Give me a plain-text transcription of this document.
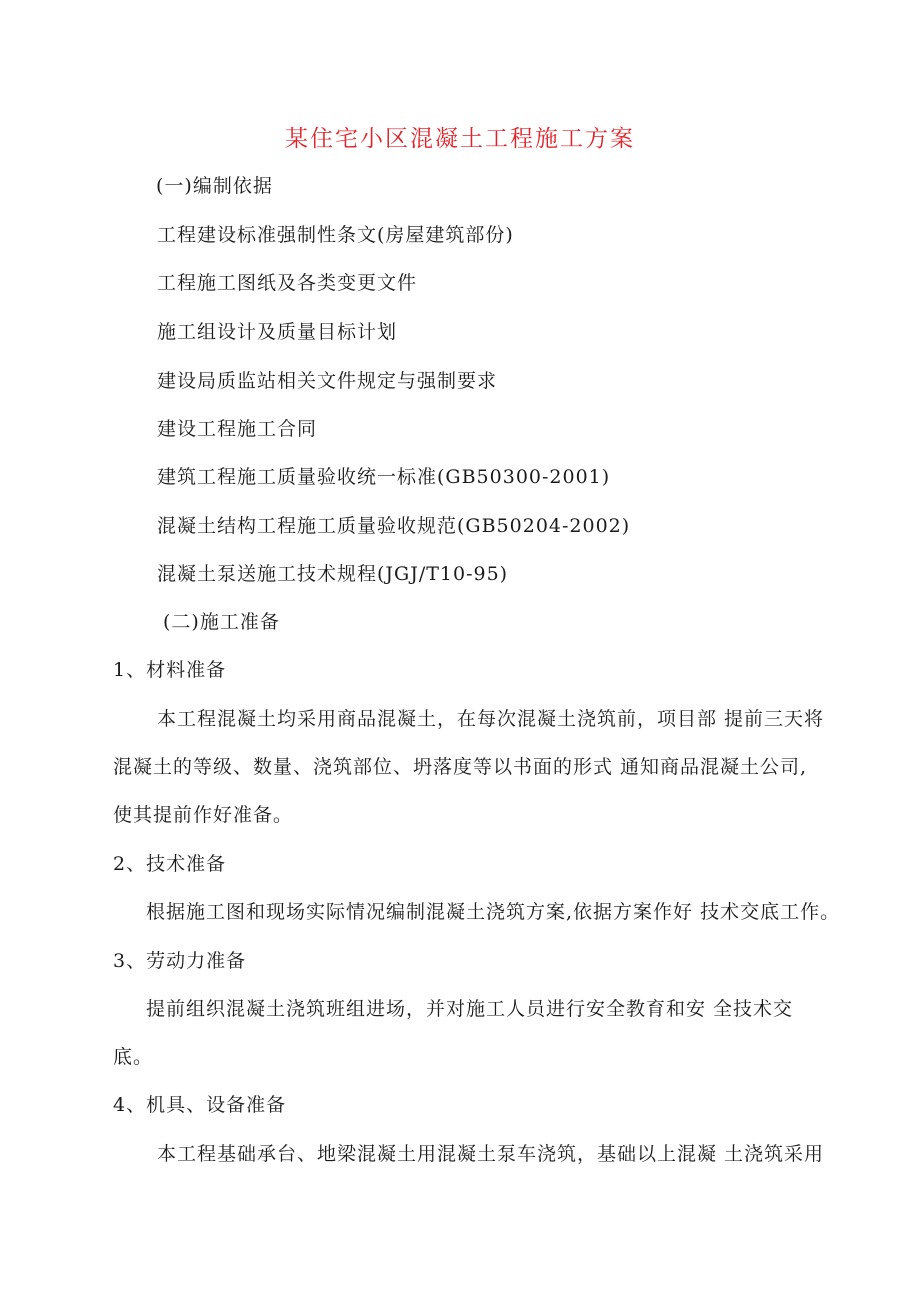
某住宅小区混凝土工程施工方案
(一)编制依据
工程建设标准强制性条文(房屋建筑部份)
工程施工图纸及各类变更文件
施工组设计及质量目标计划
建设局质监站相关文件规定与强制要求
建设工程施工合同
建筑工程施工质量验收统一标准(GB50300-2001)
混凝土结构工程施工质量验收规范(GB50204-2002)
混凝土泵送施工技术规程(JGJ/T10-95)
(二)施工准备
1、材料准备
本工程混凝土均采用商品混凝土，在每次混凝土浇筑前，项目部 提前三天将
混凝土的等级、数量、浇筑部位、坍落度等以书面的形式 通知商品混凝土公司,
使其提前作好准备。
2、技术准备
根据施工图和现场实际情况编制混凝土浇筑方案,依据方案作好 技术交底工作。
3、劳动力准备
提前组织混凝土浇筑班组进场，并对施工人员进行安全教育和安 全技术交
底。
4、机具、设备准备
本工程基础承台、地梁混凝土用混凝土泵车浇筑，基础以上混凝 土浇筑采用
